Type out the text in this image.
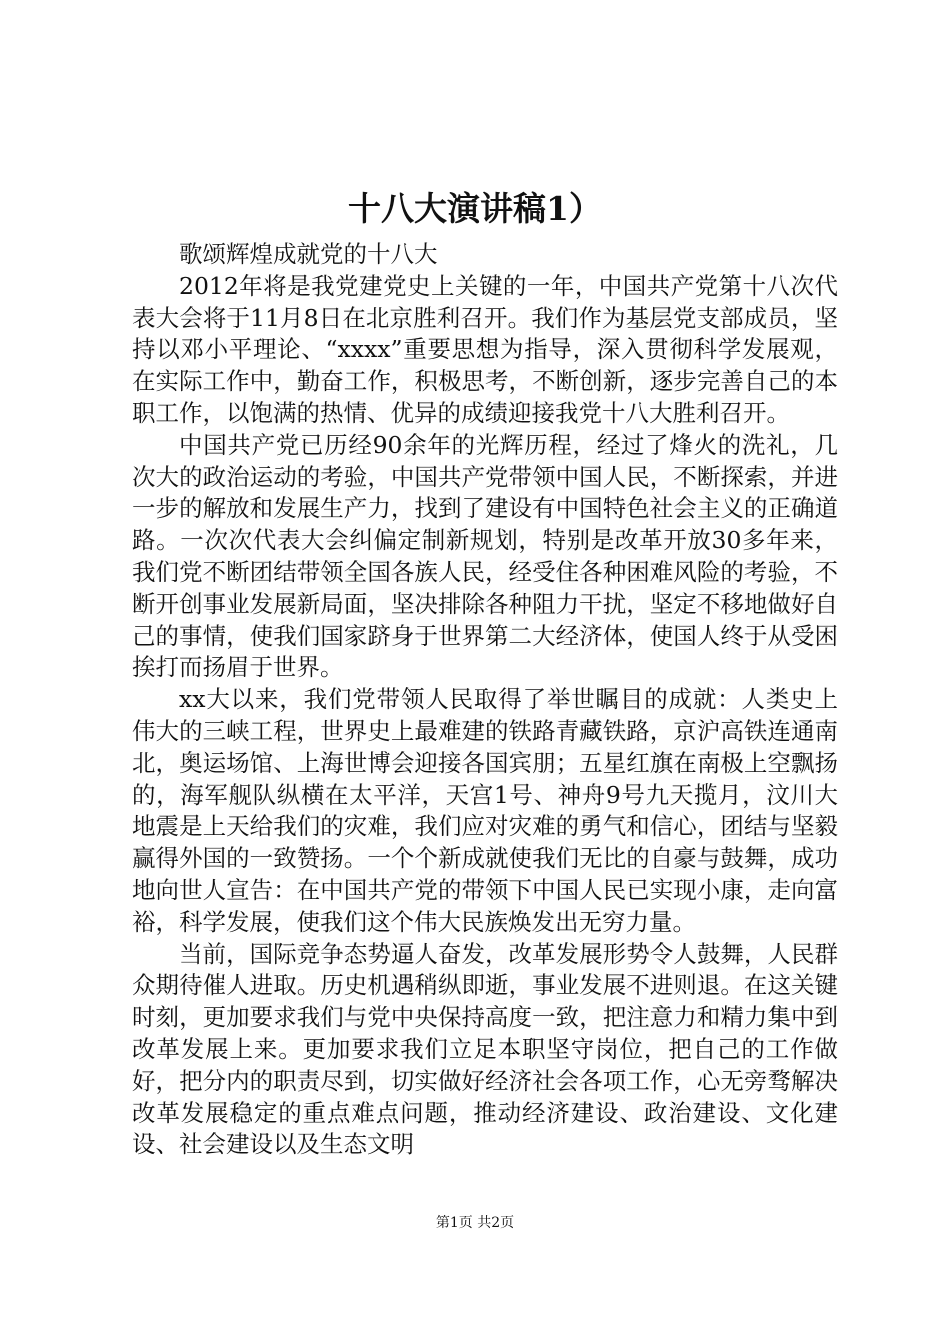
十八大演讲稿1）

歌颂辉煌成就党的十八大

2012年将是我党建党史上关键的一年，中国共产党第十八次代表大会将于11月8日在北京胜利召开。我们作为基层党支部成员，坚持以邓小平理论、“xxxx”重要思想为指导，深入贯彻科学发展观，在实际工作中，勤奋工作，积极思考，不断创新，逐步完善自己的本职工作，以饱满的热情、优异的成绩迎接我党十八大胜利召开。

中国共产党已历经90余年的光辉历程，经过了烽火的洗礼，几次大的政治运动的考验，中国共产党带领中国人民，不断探索，并进一步的解放和发展生产力，找到了建设有中国特色社会主义的正确道路。一次次代表大会纠偏定制新规划，特别是改革开放30多年来，我们党不断团结带领全国各族人民，经受住各种困难风险的考验，不断开创事业发展新局面，坚决排除各种阻力干扰，坚定不移地做好自己的事情，使我们国家跻身于世界第二大经济体，使国人终于从受困挨打而扬眉于世界。

xx大以来，我们党带领人民取得了举世瞩目的成就：人类史上伟大的三峡工程，世界史上最难建的铁路青藏铁路，京沪高铁连通南北，奥运场馆、上海世博会迎接各国宾朋；五星红旗在南极上空飘扬的，海军舰队纵横在太平洋，天宫1号、神舟9号九天揽月，汶川大地震是上天给我们的灾难，我们应对灾难的勇气和信心，团结与坚毅赢得外国的一致赞扬。一个个新成就使我们无比的自豪与鼓舞，成功地向世人宣告：在中国共产党的带领下中国人民已实现小康，走向富裕，科学发展，使我们这个伟大民族焕发出无穷力量。

当前，国际竞争态势逼人奋发，改革发展形势令人鼓舞，人民群众期待催人进取。历史机遇稍纵即逝，事业发展不进则退。在这关键时刻，更加要求我们与党中央保持高度一致，把注意力和精力集中到改革发展上来。更加要求我们立足本职坚守岗位，把自己的工作做好，把分内的职责尽到，切实做好经济社会各项工作，心无旁骛解决改革发展稳定的重点难点问题，推动经济建设、政治建设、文化建设、社会建设以及生态文明

第1页 共2页
